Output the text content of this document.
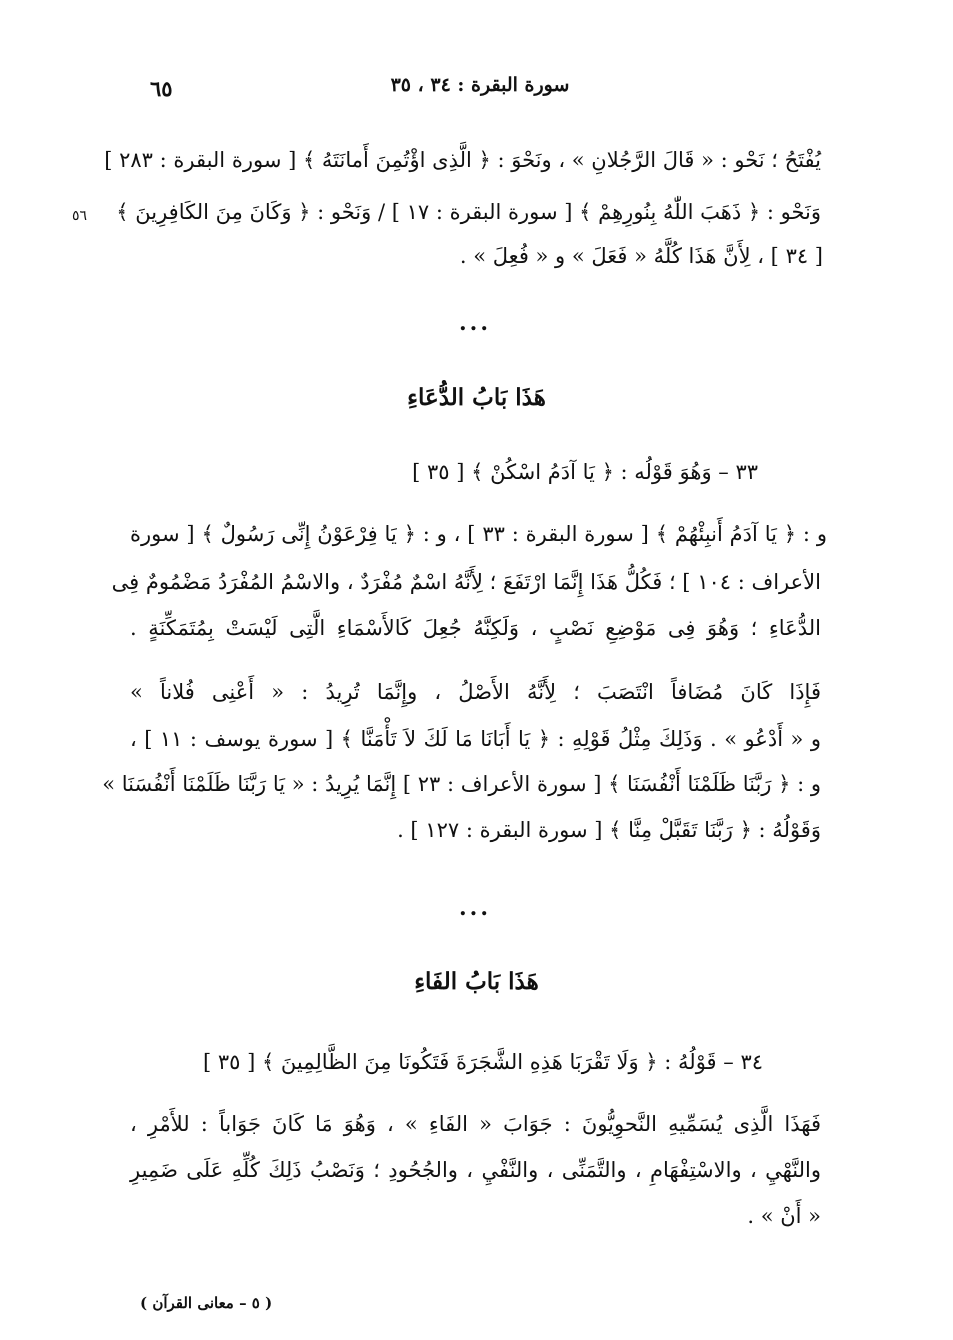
سورة البقرة : ٣٤ ، ٣٥
٦٥
يُفْتَحُ ؛ نَحْو : « قَالَ الرَّجُلانِ » ، ونَحْوَ : ﴿ الَّذِى اؤْتُمِنَ أَمانَتَهُ ﴾ [ سورة البقرة : ٢٨٣ ]
وَنَحْو : ﴿ ذَهَبَ اللّٰهُ بِنُورِهِمْ ﴾ [ سورة البقرة : ١٧ ] / وَنَحْو : ﴿ وَكَانَ مِنَ الكَافِرِينَ ﴾
[ ٣٤ ] ، لِأَنَّ هَذَا كُلَّهُ « فَعَلَ » و « فُعِلَ » .
٥٦
...
هَذَا بَابُ الدُّعَاءِ
٣٣ – وَهُوَ قَوْلُه : ﴿ يَا آدَمُ اسْكُنْ ﴾ [ ٣٥ ]
و : ﴿ يَا آدَمُ أَنبِئْهُمْ ﴾ [ سورة البقرة : ٣٣ ] ، و : ﴿ يَا فِرْعَوْنُ إِنِّى رَسُولٌ ﴾ [ سورة
الأعراف : ١٠٤ ] ؛ فَكُلُّ هَذَا إِنَّمَا ارْتَفَعَ ؛ لِأَنَّهُ اسْمٌ مُفْرَدٌ ، والاسْمُ المُفْرَدُ مَضْمُومٌ فِى
الدُّعَاءِ ؛ وَهُوَ فِى مَوْضِعِ نَصْبٍ ، وَلَكِنَّهُ جُعِلَ كَالأَسْمَاءِ الَّتِى لَيْسَتْ بِمُتَمَكِّنَةٍ .
فَإِذَا كَانَ مُضَافاً انْتَصَبَ ؛ لِأَنَّهُ الأَصْلُ ، وإِنَّمَا تُرِيدُ : « أَعْنِى فُلاناً »
و « أَدْعُو » . وَذَلِكَ مِثْلُ قَوْلِهِ : ﴿ يَا أَبَانَا مَا لَكَ لاَ تَأْمَنَّا ﴾ [ سورة يوسف : ١١ ] ،
و : ﴿ رَبَّنَا ظَلَمْنَا أَنْفُسَنَا ﴾ [ سورة الأعراف : ٢٣ ] إِنَّمَا يُرِيدُ : « يَا رَبَّنَا ظَلَمْنَا أَنْفُسَنَا »
وَقَوْلُهُ : ﴿ رَبَّنَا تَقَبَّلْ مِنَّا ﴾ [ سورة البقرة : ١٢٧ ] .
...
هَذَا بَابُ الفَاءِ
٣٤ – قَوْلُهُ : ﴿ وَلَا تَقْرَبَا هَذِهِ الشَّجَرَةَ فَتَكُونَا مِنَ الظَّالِمِينَ ﴾ [ ٣٥ ]
فَهَذَا الَّذِى يُسَمِّيهِ النَّحوِيُّونَ : جَوَابَ « الفَاءِ » ، وَهُوَ مَا كَانَ جَوَاباً : للأَمْرِ ،
والنَّهْيِ ، والاسْتِفْهَامِ ، والتَّمَنِّى ، والنَّفْيِ ، والجُحُودِ ؛ وَنَصْبُ ذَلِكَ كُلِّهِ عَلَى ضَمِيرِ
« أَنْ » .
( ٥ – معانى القرآن )
